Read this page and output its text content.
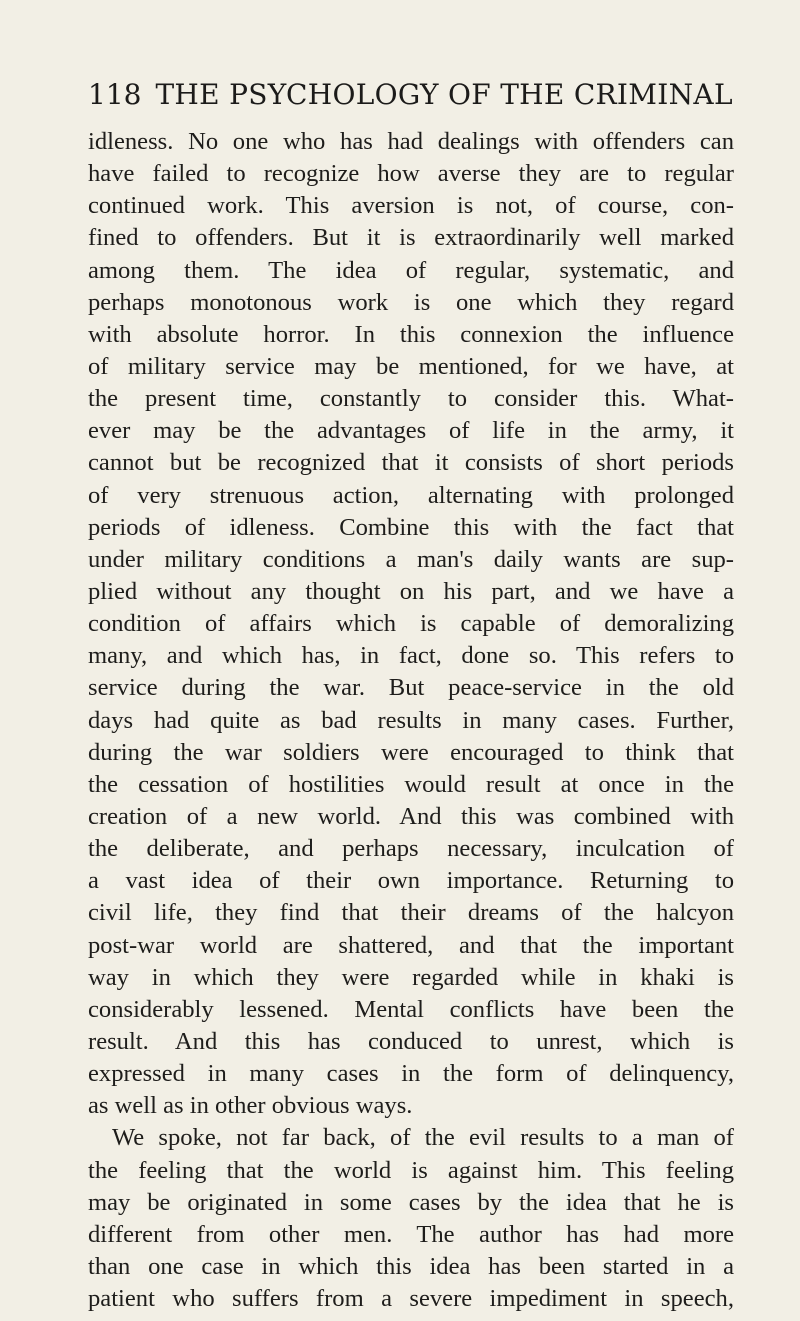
118 THE PSYCHOLOGY OF THE CRIMINAL
idleness. No one who has had dealings with offenders can
have failed to recognize how averse they are to regular
continued work. This aversion is not, of course, con-
fined to offenders. But it is extraordinarily well marked
among them. The idea of regular, systematic, and
perhaps monotonous work is one which they regard
with absolute horror. In this connexion the influence
of military service may be mentioned, for we have, at
the present time, constantly to consider this. What-
ever may be the advantages of life in the army, it
cannot but be recognized that it consists of short periods
of very strenuous action, alternating with prolonged
periods of idleness. Combine this with the fact that
under military conditions a man's daily wants are sup-
plied without any thought on his part, and we have a
condition of affairs which is capable of demoralizing
many, and which has, in fact, done so. This refers to
service during the war. But peace-service in the old
days had quite as bad results in many cases. Further,
during the war soldiers were encouraged to think that
the cessation of hostilities would result at once in the
creation of a new world. And this was combined with
the deliberate, and perhaps necessary, inculcation of
a vast idea of their own importance. Returning to
civil life, they find that their dreams of the halcyon
post-war world are shattered, and that the important
way in which they were regarded while in khaki is
considerably lessened. Mental conflicts have been the
result. And this has conduced to unrest, which is
expressed in many cases in the form of delinquency,
as well as in other obvious ways.
We spoke, not far back, of the evil results to a man of
the feeling that the world is against him. This feeling
may be originated in some cases by the idea that he is
different from other men. The author has had more
than one case in which this idea has been started in a
patient who suffers from a severe impediment in speech,
